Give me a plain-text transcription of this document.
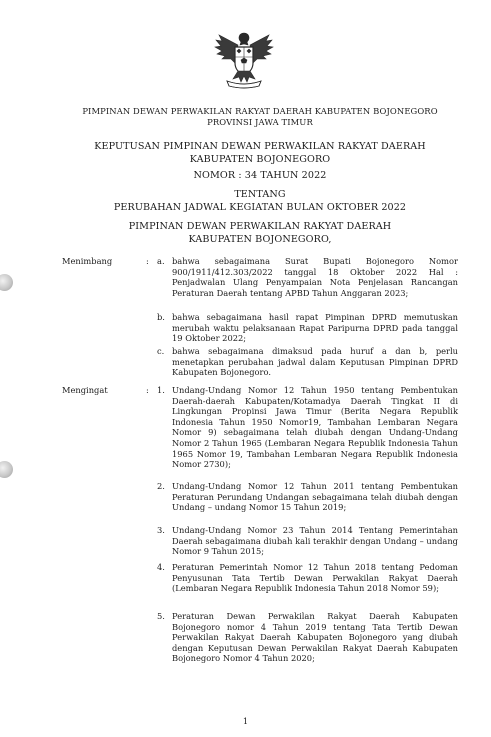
PIMPINAN DEWAN PERWAKILAN RAKYAT DAERAH KABUPATEN BOJONEGORO
PROVINSI JAWA TIMUR
KEPUTUSAN PIMPINAN DEWAN PERWAKILAN RAKYAT DAERAH
KABUPATEN BOJONEGORO
NOMOR : 34 TAHUN 2022
TENTANG
PERUBAHAN JADWAL KEGIATAN BULAN OKTOBER 2022
PIMPINAN DEWAN PERWAKILAN RAKYAT DAERAH
KABUPATEN BOJONEGORO,
Menimbang	: a. bahwa sebagaimana Surat Bupati Bojonegoro Nomor 900/1911/412.303/2022 tanggal 18 Oktober 2022 Hal : Penjadwalan Ulang Penyampaian Nota Penjelasan Rancangan Peraturan Daerah tentang APBD Tahun Anggaran 2023;
b. bahwa sebagaimana hasil rapat Pimpinan DPRD memutuskan merubah waktu pelaksanaan Rapat Paripurna DPRD pada tanggal 19 Oktober 2022;
c. bahwa sebagaimana dimaksud pada huruf a dan b, perlu menetapkan perubahan jadwal dalam Keputusan Pimpinan DPRD Kabupaten Bojonegoro.
Mengingat	: 1. Undang-Undang Nomor 12 Tahun 1950 tentang Pembentukan Daerah-daerah Kabupaten/Kotamadya Daerah Tingkat II di Lingkungan Propinsi Jawa Timur (Berita Negara Republik Indonesia Tahun 1950 Nomor19, Tambahan Lembaran Negara Nomor 9) sebagaimana telah diubah dengan Undang-Undang Nomor 2 Tahun 1965 (Lembaran Negara Republik Indonesia Tahun 1965 Nomor 19, Tambahan Lembaran Negara Republik Indonesia Nomor 2730);
2. Undang-Undang Nomor 12 Tahun 2011 tentang Pembentukan Peraturan Perundang Undangan sebagaimana telah diubah dengan Undang – undang Nomor 15 Tahun 2019;
3. Undang-Undang Nomor 23 Tahun 2014 Tentang Pemerintahan Daerah sebagaimana diubah kali terakhir dengan Undang – undang Nomor 9 Tahun 2015;
4. Peraturan Pemerintah Nomor 12 Tahun 2018 tentang Pedoman Penyusunan Tata Tertib Dewan Perwakilan Rakyat Daerah (Lembaran Negara Republik Indonesia Tahun 2018 Nomor 59);
5. Peraturan Dewan Perwakilan Rakyat Daerah Kabupaten Bojonegoro nomor 4 Tahun 2019 tentang Tata Tertib Dewan Perwakilan Rakyat Daerah Kabupaten Bojonegoro yang diubah dengan Keputusan Dewan Perwakilan Rakyat Daerah Kabupaten Bojonegoro Nomor 4 Tahun 2020;
1
